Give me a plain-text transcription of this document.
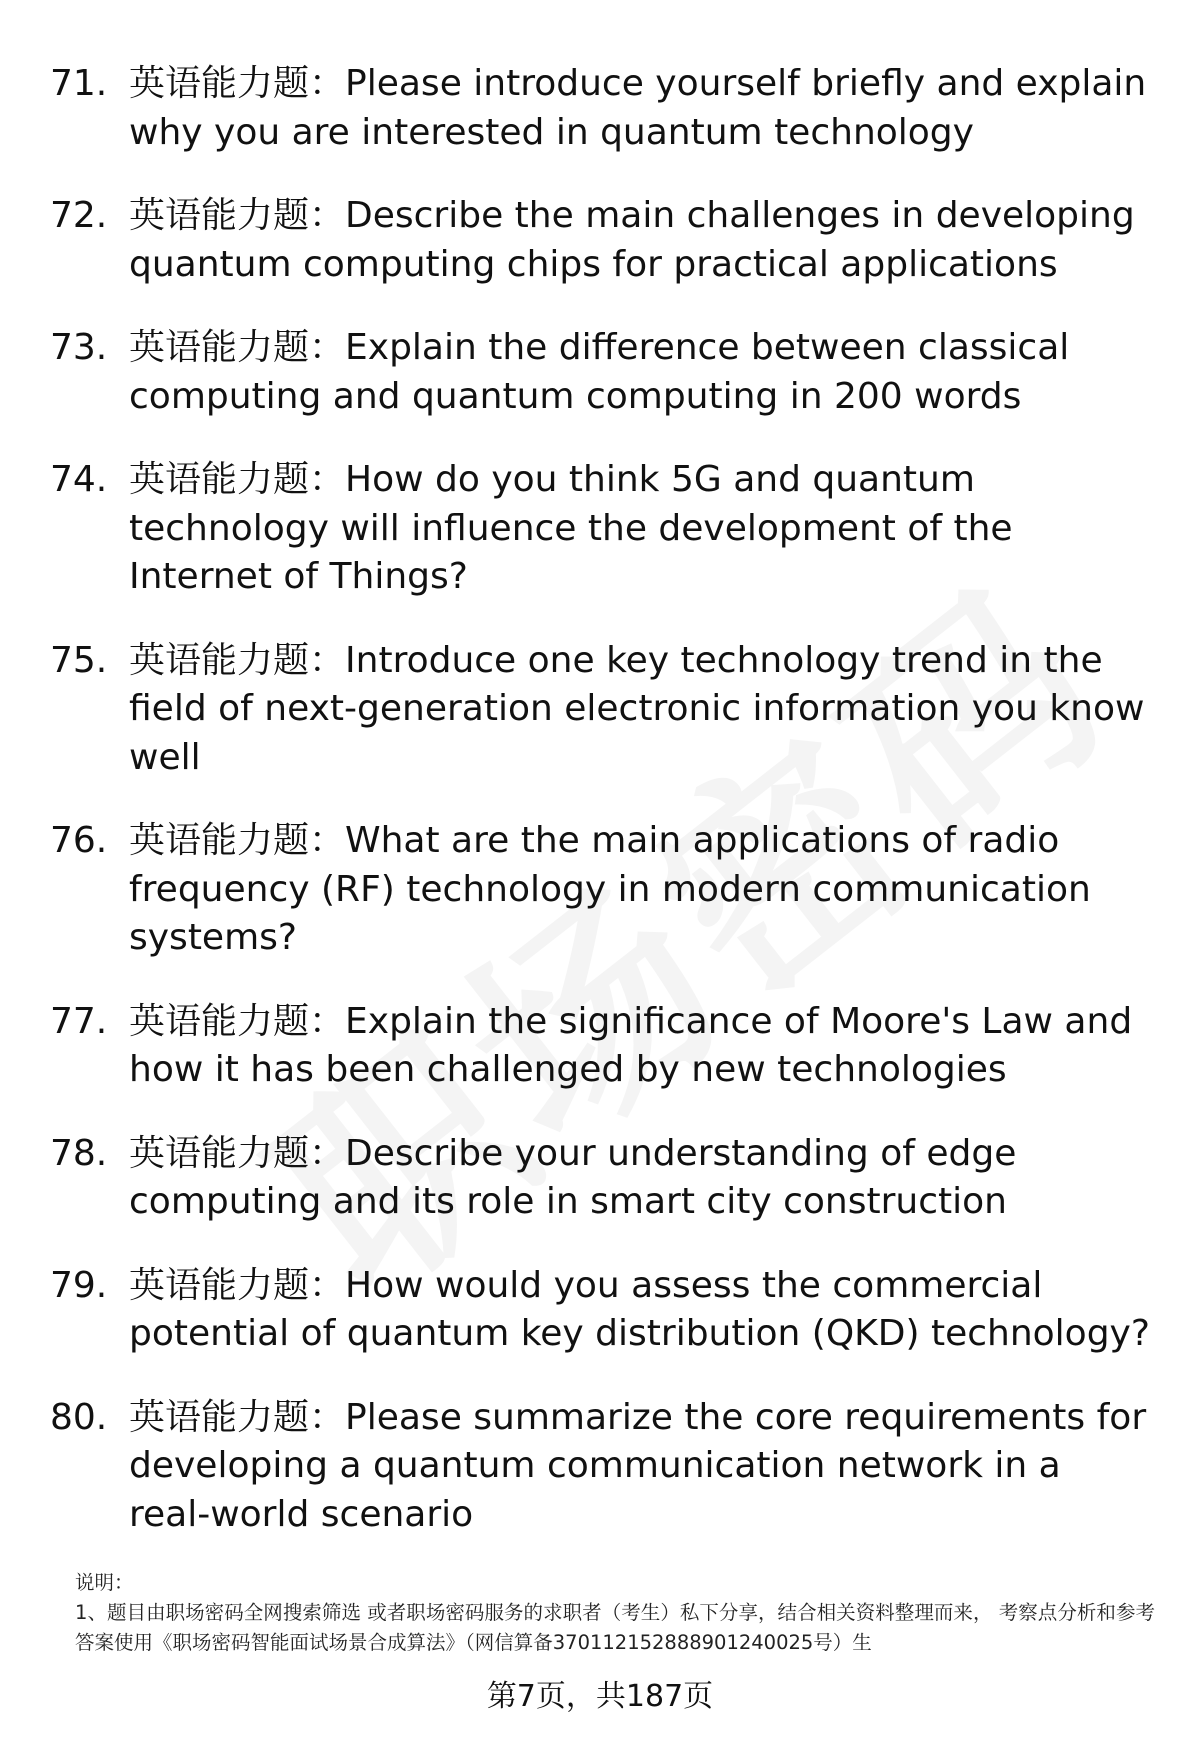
71. 英语能力题：Please introduce yourself briefly and explain why you are interested in quantum technology
72. 英语能力题：Describe the main challenges in developing quantum computing chips for practical applications
73. 英语能力题：Explain the difference between classical computing and quantum computing in 200 words
74. 英语能力题：How do you think 5G and quantum technology will influence the development of the Internet of Things?
75. 英语能力题：Introduce one key technology trend in the field of next-generation electronic information you know well
76. 英语能力题：What are the main applications of radio frequency (RF) technology in modern communication systems?
77. 英语能力题：Explain the significance of Moore's Law and how it has been challenged by new technologies
78. 英语能力题：Describe your understanding of edge computing and its role in smart city construction
79. 英语能力题：How would you assess the commercial potential of quantum key distribution (QKD) technology?
80. 英语能力题：Please summarize the core requirements for developing a quantum communication network in a real-world scenario
说明：
1、题目由职场密码全网搜索筛选 或者职场密码服务的求职者（考生）私下分享，结合相关资料整理而来， 考察点分析和参考答案使用《职场密码智能面试场景合成算法》（网信算备370112152888901240025号）生
第7页，共187页
